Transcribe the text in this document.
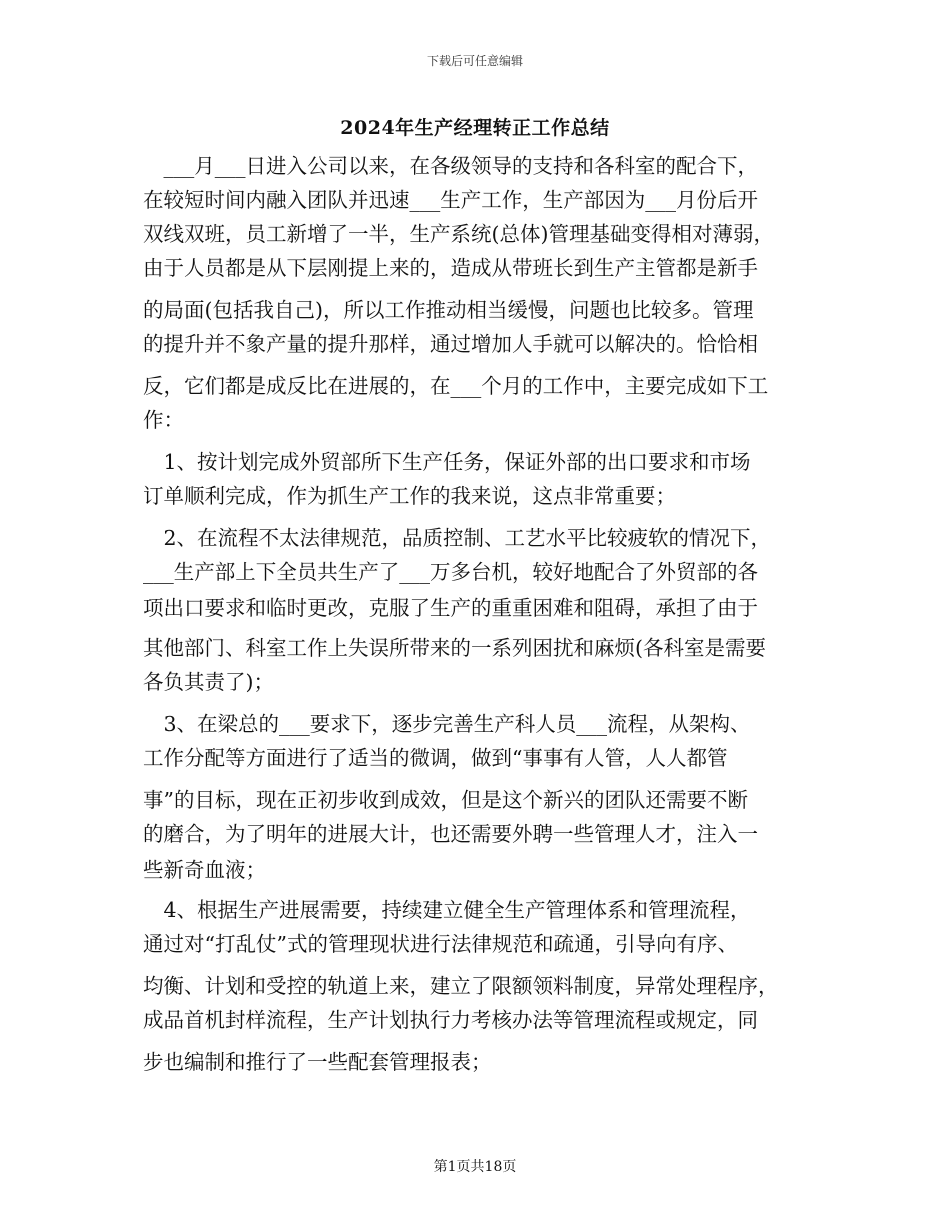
下载后可任意编辑
2024年生产经理转正工作总结
　___月___日进入公司以来，在各级领导的支持和各科室的配合下，
在较短时间内融入团队并迅速___生产工作，生产部因为___月份后开
双线双班，员工新增了一半，生产系统(总体)管理基础变得相对薄弱，
由于人员都是从下层刚提上来的，造成从带班长到生产主管都是新手
的局面(包括我自己)，所以工作推动相当缓慢，问题也比较多。管理
的提升并不象产量的提升那样，通过增加人手就可以解决的。恰恰相
反，它们都是成反比在进展的，在___个月的工作中，主要完成如下工
作：
　1、按计划完成外贸部所下生产任务，保证外部的出口要求和市场
订单顺利完成，作为抓生产工作的我来说，这点非常重要；
　2、在流程不太法律规范，品质控制、工艺水平比较疲软的情况下，
___生产部上下全员共生产了___万多台机，较好地配合了外贸部的各
项出口要求和临时更改，克服了生产的重重困难和阻碍，承担了由于
其他部门、科室工作上失误所带来的一系列困扰和麻烦(各科室是需要
各负其责了)；
　3、在梁总的___要求下，逐步完善生产科人员___流程，从架构、
工作分配等方面进行了适当的微调，做到“事事有人管，人人都管
事”的目标，现在正初步收到成效，但是这个新兴的团队还需要不断
的磨合，为了明年的进展大计，也还需要外聘一些管理人才，注入一
些新奇血液；
　4、根据生产进展需要，持续建立健全生产管理体系和管理流程，
通过对“打乱仗”式的管理现状进行法律规范和疏通，引导向有序、
均衡、计划和受控的轨道上来，建立了限额领料制度，异常处理程序，
成品首机封样流程，生产计划执行力考核办法等管理流程或规定，同
步也编制和推行了一些配套管理报表；
第1页共18页
